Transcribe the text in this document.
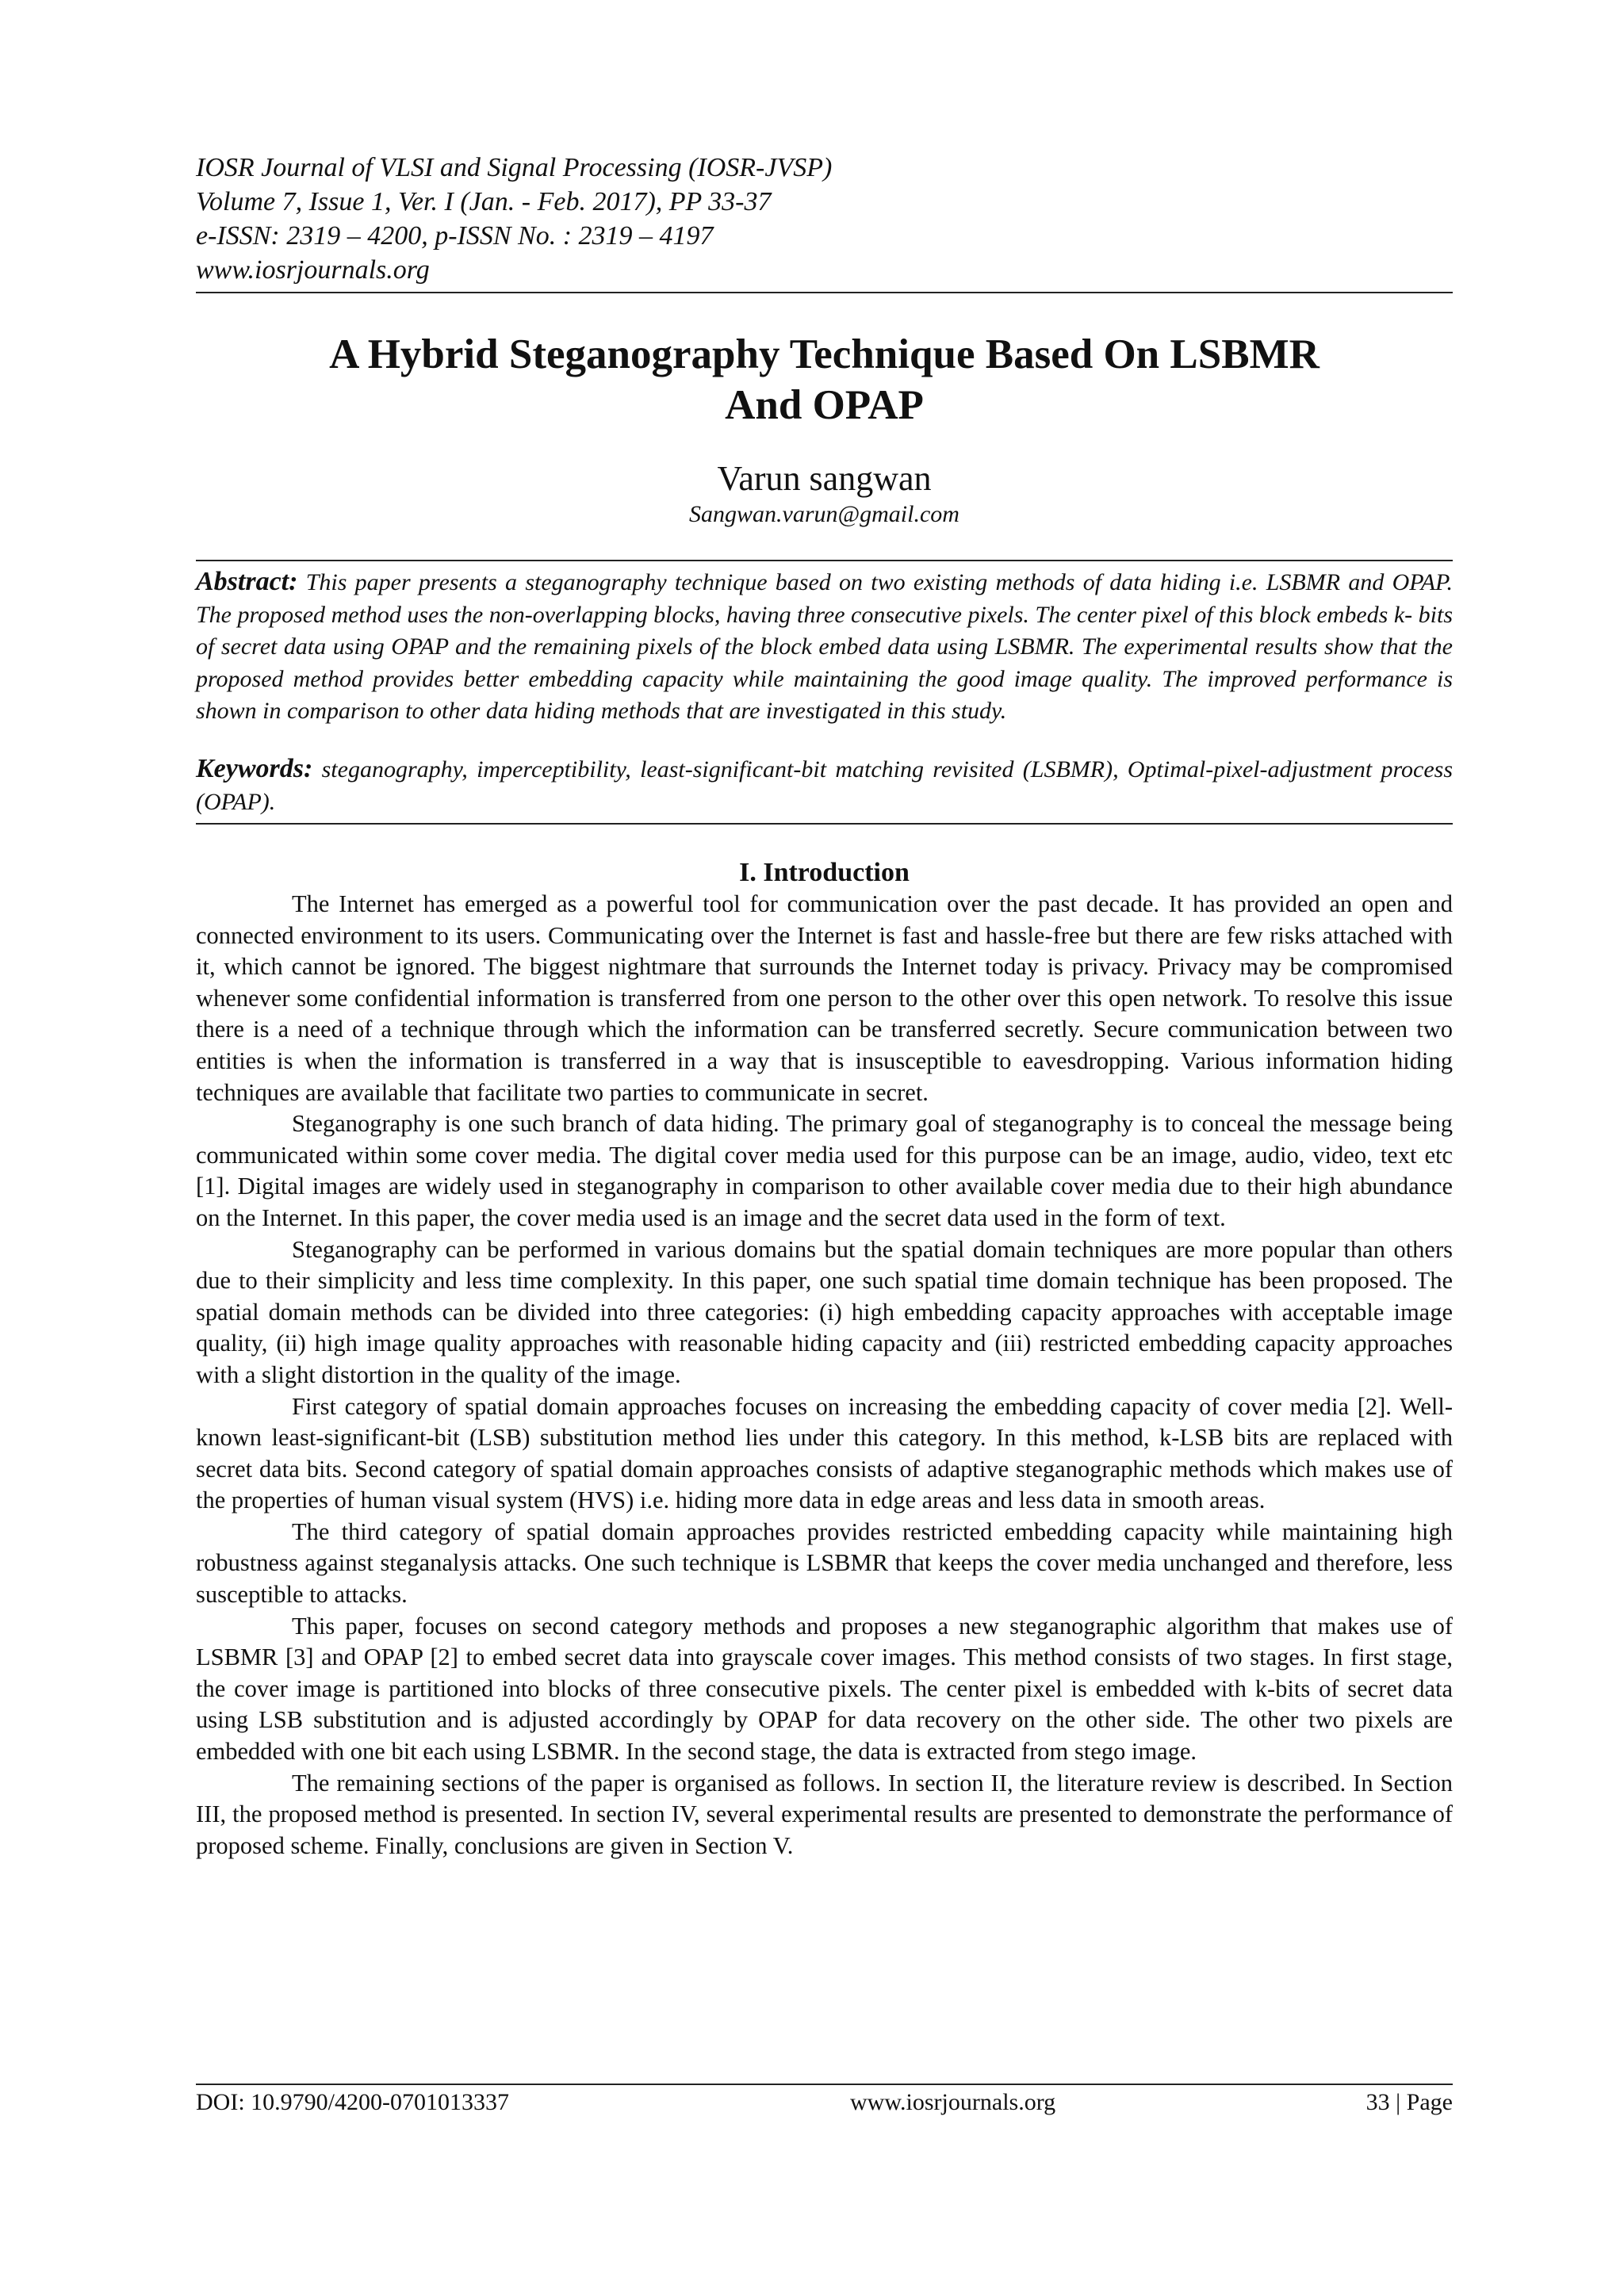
IOSR Journal of VLSI and Signal Processing (IOSR-JVSP)
Volume 7, Issue 1, Ver. I (Jan. - Feb. 2017), PP 33-37
e-ISSN: 2319 – 4200, p-ISSN No. : 2319 – 4197
www.iosrjournals.org
A Hybrid Steganography Technique Based On LSBMR
And OPAP
Varun sangwan
Sangwan.varun@gmail.com
Abstract: This paper presents a steganography technique based on two existing methods of data hiding i.e. LSBMR and OPAP. The proposed method uses the non-overlapping blocks, having three consecutive pixels. The center pixel of this block embeds k- bits of secret data using OPAP and the remaining pixels of the block embed data using LSBMR. The experimental results show that the proposed method provides better embedding capacity while maintaining the good image quality. The improved performance is shown in comparison to other data hiding methods that are investigated in this study.
Keywords: steganography, imperceptibility, least-significant-bit matching revisited (LSBMR), Optimal-pixel-adjustment process (OPAP).
I. Introduction

The Internet has emerged as a powerful tool for communication over the past decade. It has provided an open and connected environment to its users. Communicating over the Internet is fast and hassle-free but there are few risks attached with it, which cannot be ignored. The biggest nightmare that surrounds the Internet today is privacy. Privacy may be compromised whenever some confidential information is transferred from one person to the other over this open network. To resolve this issue there is a need of a technique through which the information can be transferred secretly. Secure communication between two entities is when the information is transferred in a way that is insusceptible to eavesdropping. Various information hiding techniques are available that facilitate two parties to communicate in secret.

Steganography is one such branch of data hiding. The primary goal of steganography is to conceal the message being communicated within some cover media. The digital cover media used for this purpose can be an image, audio, video, text etc [1]. Digital images are widely used in steganography in comparison to other available cover media due to their high abundance on the Internet. In this paper, the cover media used is an image and the secret data used in the form of text.

Steganography can be performed in various domains but the spatial domain techniques are more popular than others due to their simplicity and less time complexity. In this paper, one such spatial time domain technique has been proposed. The spatial domain methods can be divided into three categories: (i) high embedding capacity approaches with acceptable image quality, (ii) high image quality approaches with reasonable hiding capacity and (iii) restricted embedding capacity approaches with a slight distortion in the quality of the image.

First category of spatial domain approaches focuses on increasing the embedding capacity of cover media [2]. Well-known least-significant-bit (LSB) substitution method lies under this category. In this method, k-LSB bits are replaced with secret data bits. Second category of spatial domain approaches consists of adaptive steganographic methods which makes use of the properties of human visual system (HVS) i.e. hiding more data in edge areas and less data in smooth areas.

The third category of spatial domain approaches provides restricted embedding capacity while maintaining high robustness against steganalysis attacks. One such technique is LSBMR that keeps the cover media unchanged and therefore, less susceptible to attacks.

This paper, focuses on second category methods and proposes a new steganographic algorithm that makes use of LSBMR [3] and OPAP [2] to embed secret data into grayscale cover images. This method consists of two stages. In first stage, the cover image is partitioned into blocks of three consecutive pixels. The center pixel is embedded with k-bits of secret data using LSB substitution and is adjusted accordingly by OPAP for data recovery on the other side. The other two pixels are embedded with one bit each using LSBMR. In the second stage, the data is extracted from stego image.

The remaining sections of the paper is organised as follows. In section II, the literature review is described. In Section III, the proposed method is presented. In section IV, several experimental results are presented to demonstrate the performance of proposed scheme. Finally, conclusions are given in Section V.

DOI: 10.9790/4200-0701013337	www.iosrjournals.org	33 | Page
